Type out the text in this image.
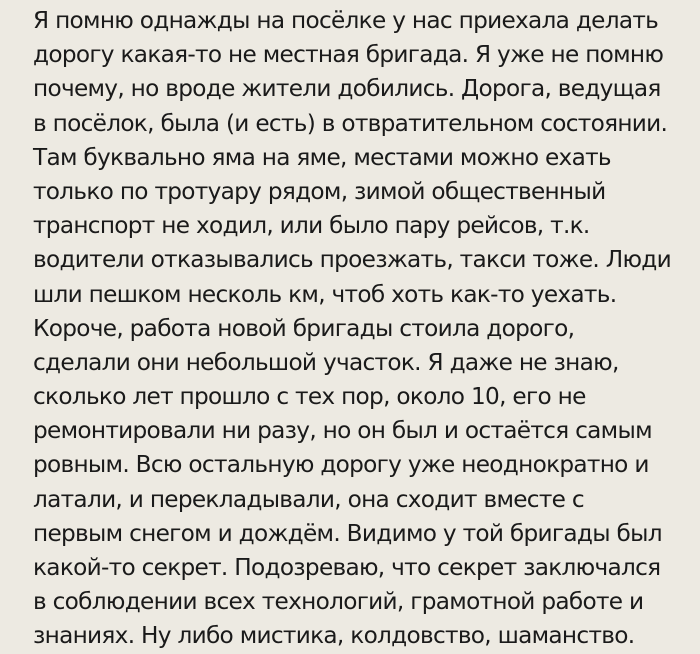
Я помню однажды на посёлке у нас приехала делать
дорогу какая-то не местная бригада. Я уже не помню
почему, но вроде жители добились. Дорога, ведущая
в посёлок, была (и есть) в отвратительном состоянии.
Там буквально яма на яме, местами можно ехать
только по тротуару рядом, зимой общественный
транспорт не ходил, или было пару рейсов, т.к.
водители отказывались проезжать, такси тоже. Люди
шли пешком несколь км, чтоб хоть как-то уехать.
Короче, работа новой бригады стоила дорого,
сделали они небольшой участок. Я даже не знаю,
сколько лет прошло с тех пор, около 10, его не
ремонтировали ни разу, но он был и остаётся самым
ровным. Всю остальную дорогу уже неоднократно и
латали, и перекладывали, она сходит вместе с
первым снегом и дождём. Видимо у той бригады был
какой-то секрет. Подозреваю, что секрет заключался
в соблюдении всех технологий, грамотной работе и
знаниях. Ну либо мистика, колдовство, шаманство.
